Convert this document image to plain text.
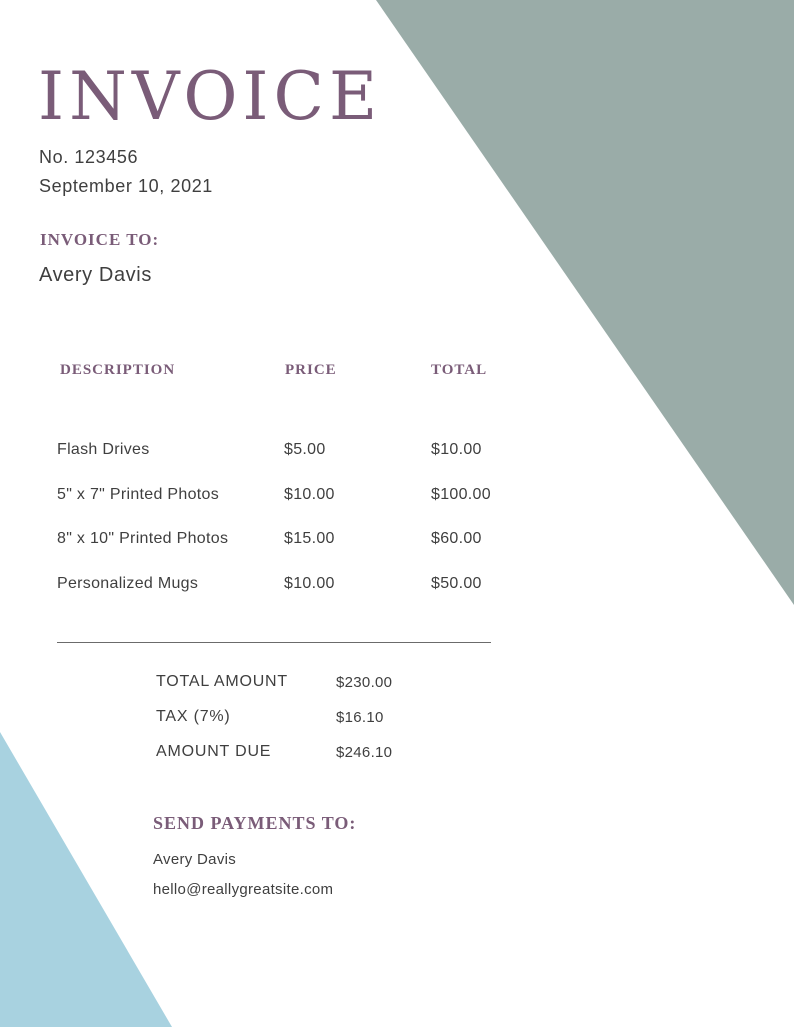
INVOICE
No. 123456
September 10, 2021
INVOICE TO:
Avery Davis
DESCRIPTION	PRICE	TOTAL
Flash Drives	$5.00	$10.00
5" x 7" Printed Photos	$10.00	$100.00
8" x 10" Printed Photos	$15.00	$60.00
Personalized Mugs	$10.00	$50.00
TOTAL AMOUNT	$230.00
TAX (7%)	$16.10
AMOUNT DUE	$246.10
SEND PAYMENTS TO:
Avery Davis
hello@reallygreatsite.com
